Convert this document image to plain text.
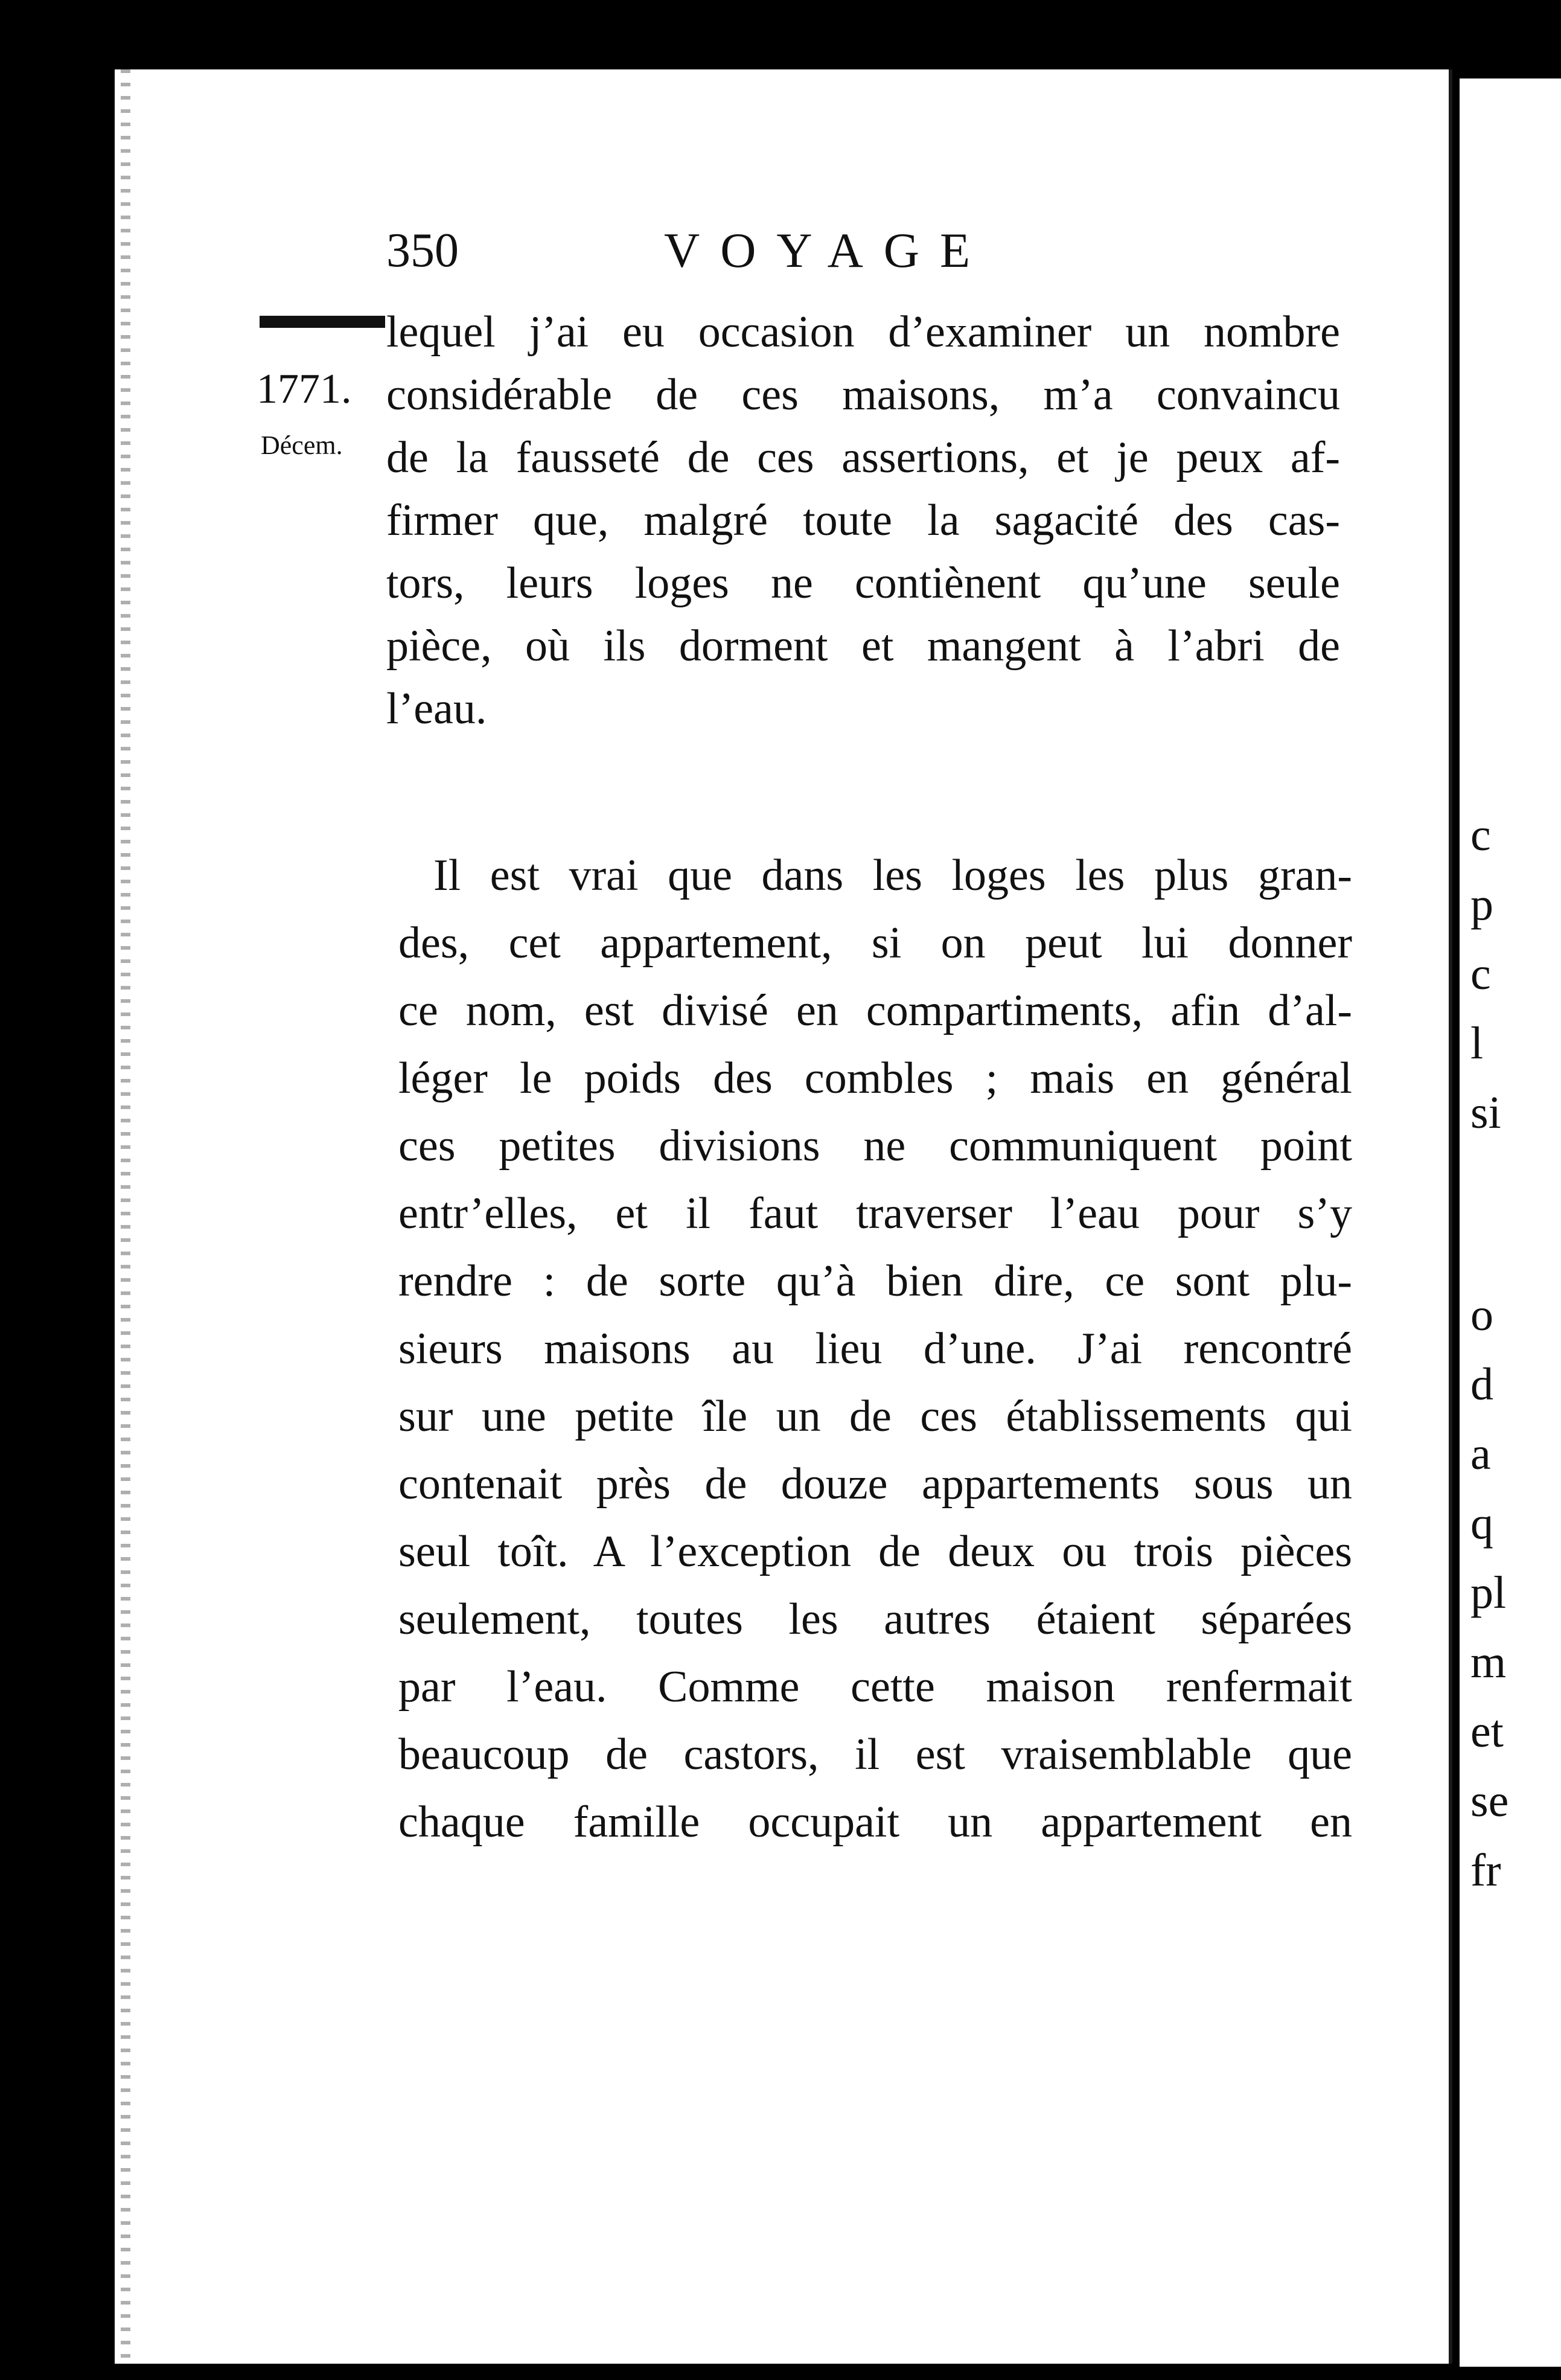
350	VOYAGE
1771.
Décem.
lequel j’ai eu occasion d’examiner un nombre
considérable de ces maisons, m’a convaincu
de la fausseté de ces assertions, et je peux af-
firmer que, malgré toute la sagacité des cas-
tors, leurs loges ne contiènent qu’une seule
pièce, où ils dorment et mangent à l’abri de
l’eau.
Il est vrai que dans les loges les plus gran-
des, cet appartement, si on peut lui donner
ce nom, est divisé en compartiments, afin d’al-
léger le poids des combles ; mais en général
ces petites divisions ne communiquent point
entr’elles, et il faut traverser l’eau pour s’y
rendre : de sorte qu’à bien dire, ce sont plu-
sieurs maisons au lieu d’une. J’ai rencontré
sur une petite île un de ces établissements qui
contenait près de douze appartements sous un
seul toît. A l’exception de deux ou trois pièces
seulement, toutes les autres étaient séparées
par l’eau. Comme cette maison renfermait
beaucoup de castors, il est vraisemblable que
chaque famille occupait un appartement en
c
p
c
l
si
o
d
a
q
pl
m
et
se
fr
